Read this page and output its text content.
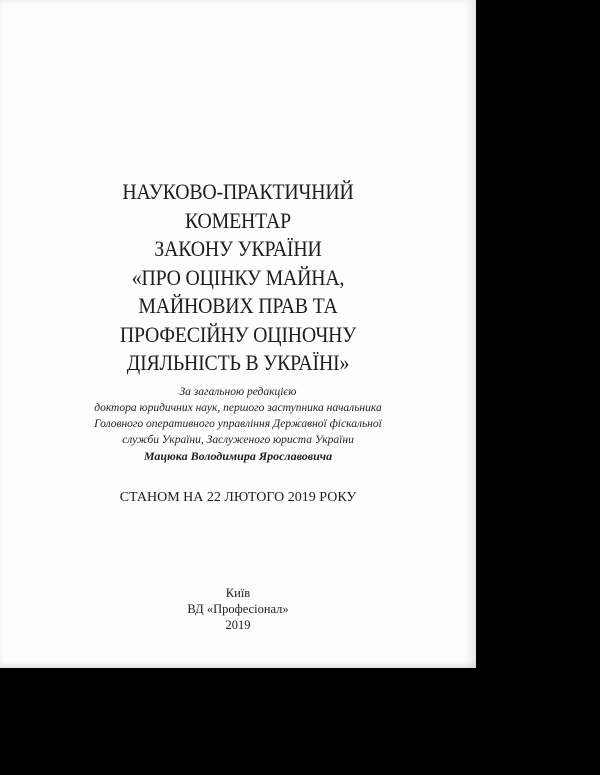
НАУКОВО-ПРАКТИЧНИЙ
КОМЕНТАР
ЗАКОНУ УКРАЇНИ
«ПРО ОЦІНКУ МАЙНА,
МАЙНОВИХ ПРАВ ТА
ПРОФЕСІЙНУ ОЦІНОЧНУ
ДІЯЛЬНІСТЬ В УКРАЇНІ»
За загальною редакцією
доктора юридичних наук, першого заступника начальника
Головного оперативного управління Державної фіскальної
служби України, Заслуженого юриста України
Мацюка Володимира Ярославовича
СТАНОМ НА 22 ЛЮТОГО 2019 РОКУ
Київ
ВД «Професіонал»
2019
